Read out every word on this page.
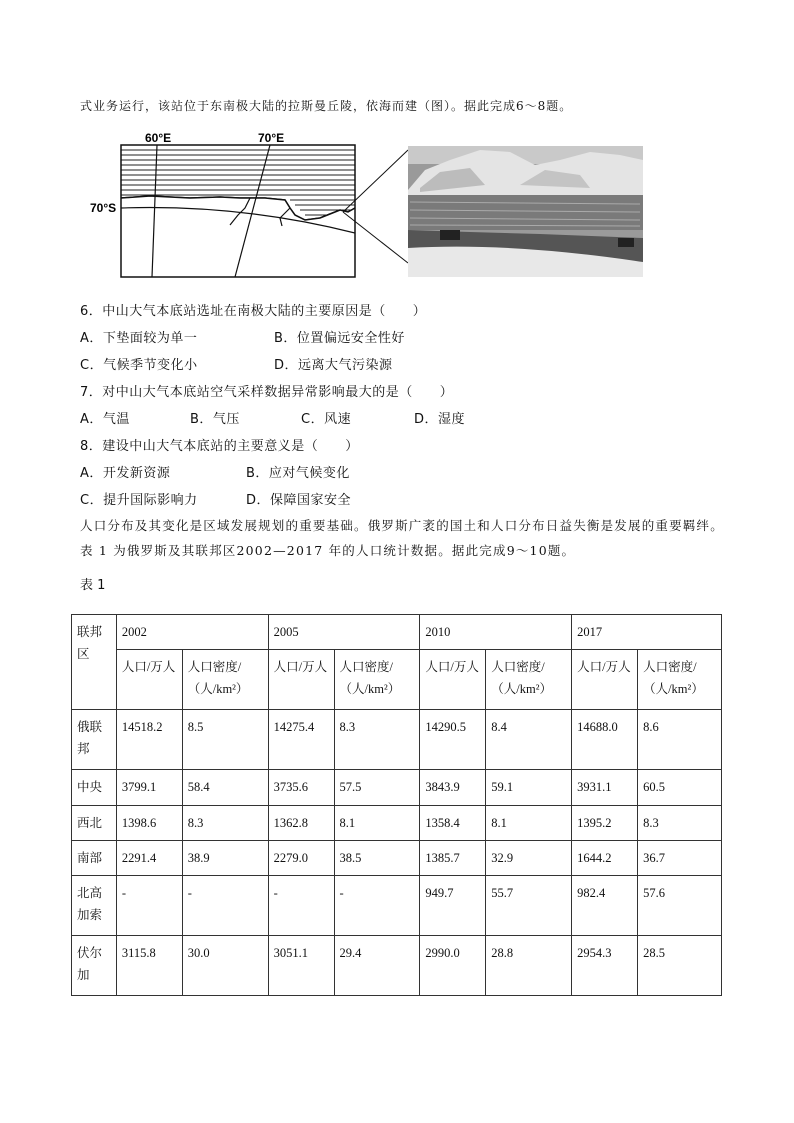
式业务运行，该站位于东南极大陆的拉斯曼丘陵，依海而建（图）。据此完成6～8题。
60°E	70°E
70°S
6．中山大气本底站选址在南极大陆的主要原因是（　　）
A．下垫面较为单一	B．位置偏远安全性好
C．气候季节变化小	D．远离大气污染源
7．对中山大气本底站空气采样数据异常影响最大的是（　　）
A．气温	B．气压	C．风速	D．湿度
8．建设中山大气本底站的主要意义是（　　）
A．开发新资源	B．应对气候变化
C．提升国际影响力	D．保障国家安全
人口分布及其变化是区域发展规划的重要基础。俄罗斯广袤的国土和人口分布日益失衡是发展的重要羁绊。
表 1 为俄罗斯及其联邦区2002—2017 年的人口统计数据。据此完成9～10题。
表 1
联邦区	2002		2005		2010		2017	
	人口/万人	人口密度/（人/km²）	人口/万人	人口密度/（人/km²）	人口/万人	人口密度/（人/km²）	人口/万人	人口密度/（人/km²）
俄联邦	14518.2	8.5	14275.4	8.3	14290.5	8.4	14688.0	8.6
中央	3799.1	58.4	3735.6	57.5	3843.9	59.1	3931.1	60.5
西北	1398.6	8.3	1362.8	8.1	1358.4	8.1	1395.2	8.3
南部	2291.4	38.9	2279.0	38.5	1385.7	32.9	1644.2	36.7
北高加索	-	-	-	-	949.7	55.7	982.4	57.6
伏尔加	3115.8	30.0	3051.1	29.4	2990.0	28.8	2954.3	28.5
